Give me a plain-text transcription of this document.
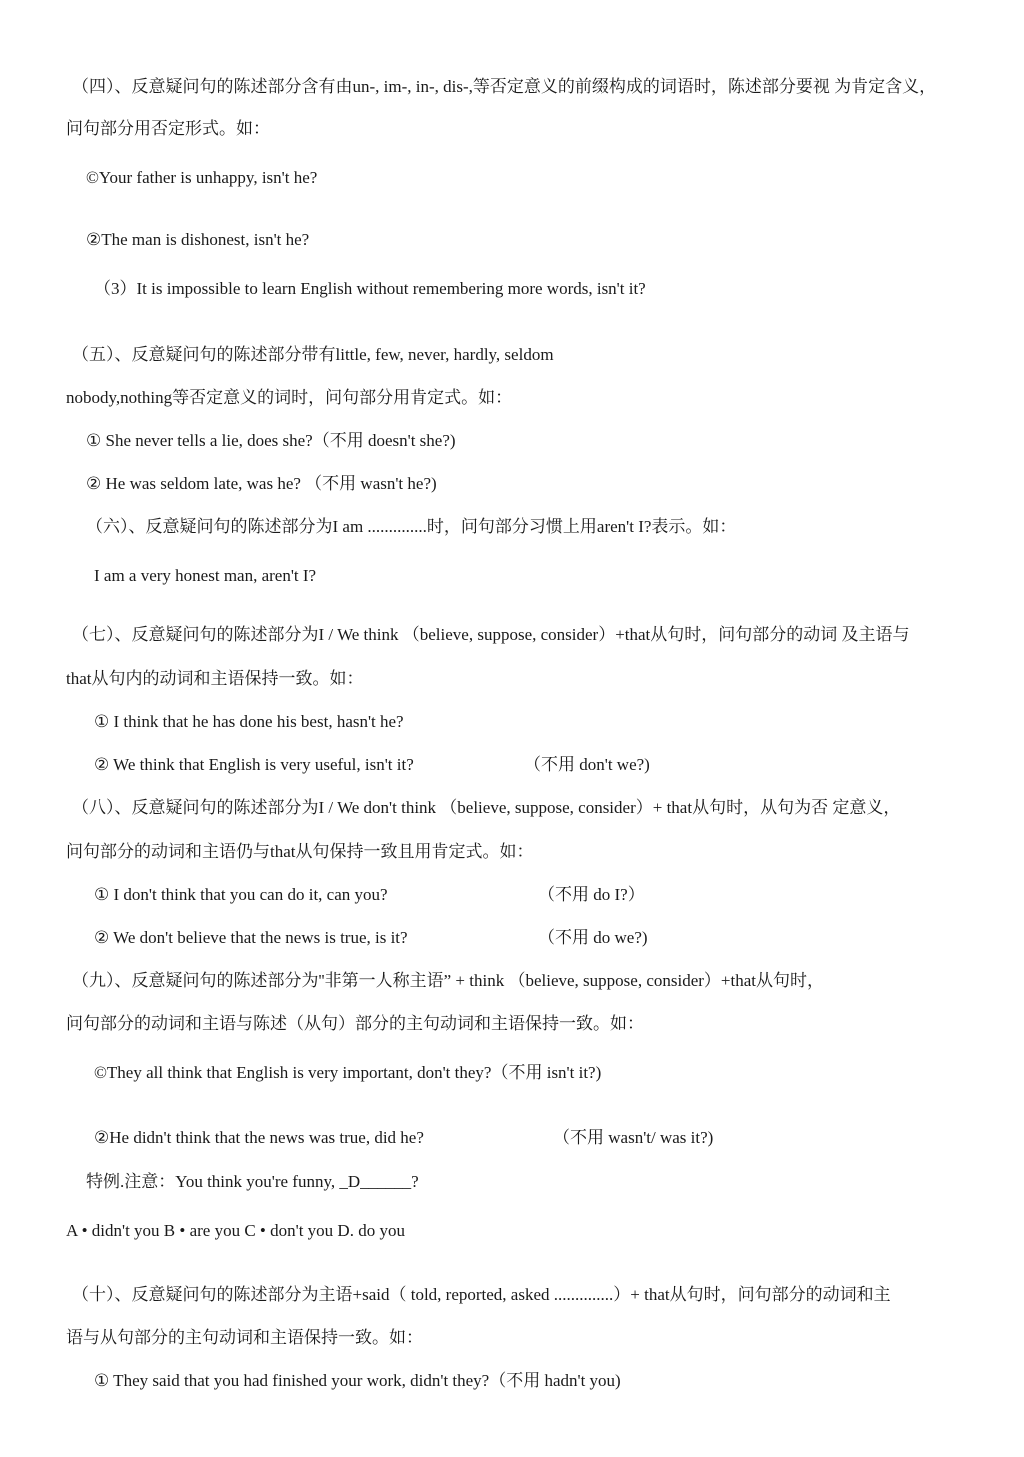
（四）、反意疑问句的陈述部分含有由un-, im-, in-, dis-,等否定意义的前缀构成的词语时，陈述部分要视 为肯定含义，
问句部分用否定形式。如：
©Your father is unhappy, isn't he?
②The man is dishonest, isn't he?
（3）It is impossible to learn English without remembering more words, isn't it?
（五）、反意疑问句的陈述部分带有little, few, never, hardly, seldom
nobody,nothing等否定意义的词时，问句部分用肯定式。如：
① She never tells a lie, does she?（不用 doesn't she?)
② He was seldom late, was he? （不用 wasn't he?)
（六）、反意疑问句的陈述部分为I am ..............时，问句部分习惯上用aren't I?表示。如：
I am a very honest man, aren't I?
（七）、反意疑问句的陈述部分为I / We think （believe, suppose, consider）+that从句时，问句部分的动词 及主语与
that从句内的动词和主语保持一致。如：
① I think that he has done his best, hasn't he?
② We think that English is very useful, isn't it?	（不用 don't we?)
（八）、反意疑问句的陈述部分为I / We don't think （believe, suppose, consider）+ that从句时，从句为否 定意义，
问句部分的动词和主语仍与that从句保持一致且用肯定式。如：
① I don't think that you can do it, can you?	（不用 do I?）
② We don't believe that the news is true, is it?	（不用 do we?)
（九）、反意疑问句的陈述部分为''非第一人称主语” + think （believe, suppose, consider）+that从句时，
问句部分的动词和主语与陈述（从句）部分的主句动词和主语保持一致。如：
©They all think that English is very important, don't they?（不用 isn't it?)
②He didn't think that the news was true, did he?	（不用 wasn't/ was it?)
特例.注意：You think you're funny, _D______?
A • didn't you B • are you C • don't you D. do you
（十）、反意疑问句的陈述部分为主语+said（ told, reported, asked ..............）+ that从句时，问句部分的动词和主
语与从句部分的主句动词和主语保持一致。如：
① They said that you had finished your work, didn't they?（不用 hadn't you)
